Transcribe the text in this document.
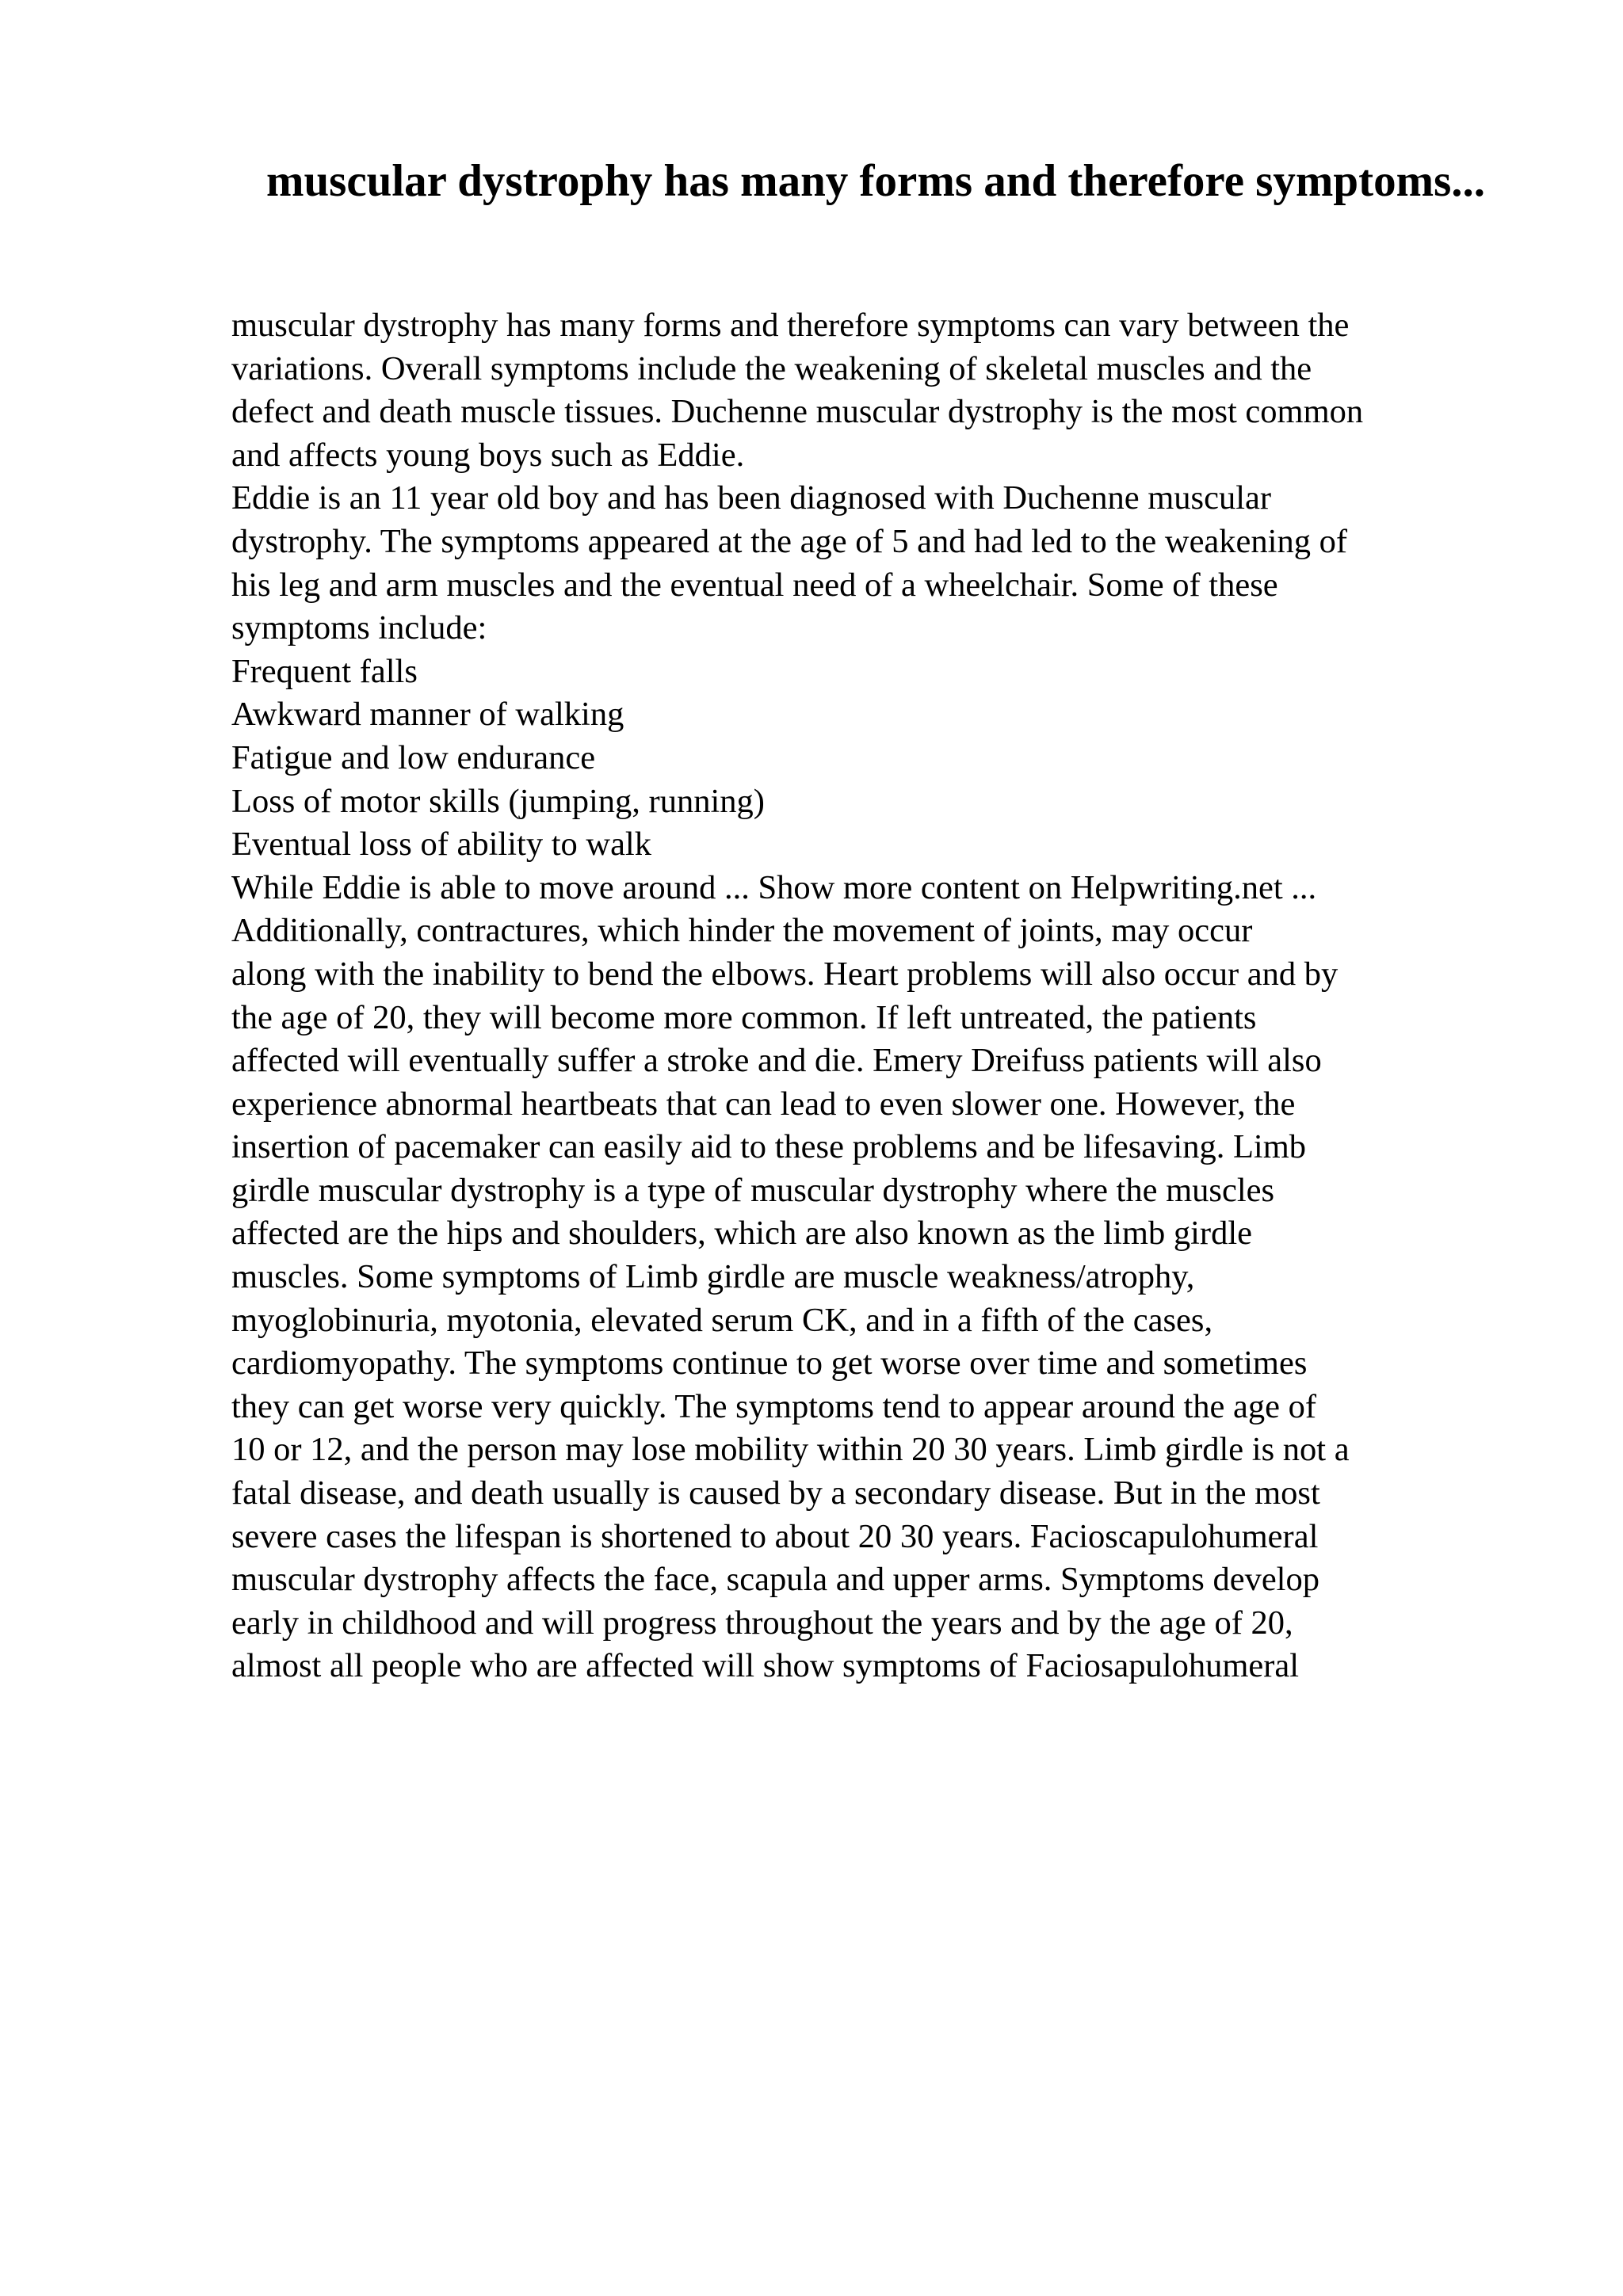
muscular dystrophy has many forms and therefore symptoms...
muscular dystrophy has many forms and therefore symptoms can vary between the
variations. Overall symptoms include the weakening of skeletal muscles and the
defect and death muscle tissues. Duchenne muscular dystrophy is the most common
and affects young boys such as Eddie.
Eddie is an 11 year old boy and has been diagnosed with Duchenne muscular
dystrophy. The symptoms appeared at the age of 5 and had led to the weakening of
his leg and arm muscles and the eventual need of a wheelchair. Some of these
symptoms include:
Frequent falls
Awkward manner of walking
Fatigue and low endurance
Loss of motor skills (jumping, running)
Eventual loss of ability to walk
While Eddie is able to move around ... Show more content on Helpwriting.net ...
Additionally, contractures, which hinder the movement of joints, may occur
along with the inability to bend the elbows. Heart problems will also occur and by
the age of 20, they will become more common. If left untreated, the patients
affected will eventually suffer a stroke and die. Emery Dreifuss patients will also
experience abnormal heartbeats that can lead to even slower one. However, the
insertion of pacemaker can easily aid to these problems and be lifesaving. Limb
girdle muscular dystrophy is a type of muscular dystrophy where the muscles
affected are the hips and shoulders, which are also known as the limb girdle
muscles. Some symptoms of Limb girdle are muscle weakness/atrophy,
myoglobinuria, myotonia, elevated serum CK, and in a fifth of the cases,
cardiomyopathy. The symptoms continue to get worse over time and sometimes
they can get worse very quickly. The symptoms tend to appear around the age of
10 or 12, and the person may lose mobility within 20 30 years. Limb girdle is not a
fatal disease, and death usually is caused by a secondary disease. But in the most
severe cases the lifespan is shortened to about 20 30 years. Facioscapulohumeral
muscular dystrophy affects the face, scapula and upper arms. Symptoms develop
early in childhood and will progress throughout the years and by the age of 20,
almost all people who are affected will show symptoms of Faciosapulohumeral
